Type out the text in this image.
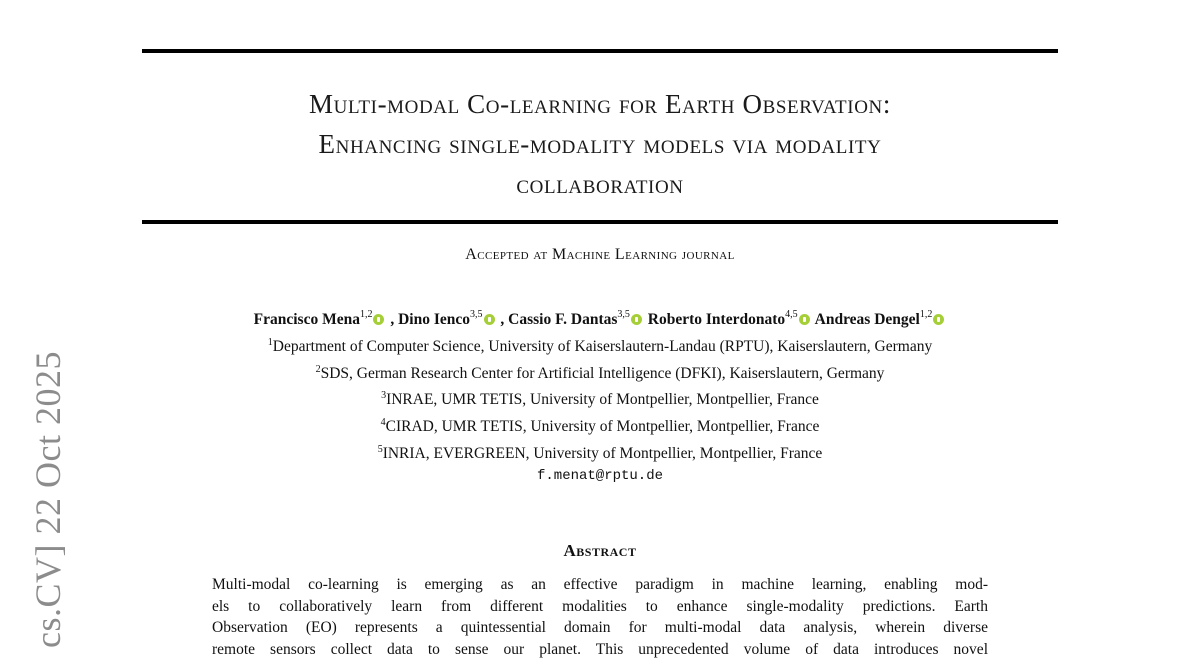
cs.CV] 22 Oct 2025
Multi-modal Co-learning for Earth Observation:
Enhancing single-modality models via modality
collaboration
Accepted at Machine Learning journal
Francisco Mena$^{1,2}$ , Dino Ienco$^{3,5}$ , Cassio F. Dantas$^{3,5}$ Roberto Interdonato$^{4,5}$ Andreas Dengel$^{1,2}$
$^1$Department of Computer Science, University of Kaiserslautern-Landau (RPTU), Kaiserslautern, Germany
$^2$SDS, German Research Center for Artificial Intelligence (DFKI), Kaiserslautern, Germany
$^3$INRAE, UMR TETIS, University of Montpellier, Montpellier, France
$^4$CIRAD, UMR TETIS, University of Montpellier, Montpellier, France
$^5$INRIA, EVERGREEN, University of Montpellier, Montpellier, France
f.menat@rptu.de
Abstract
Multi-modal co-learning is emerging as an effective paradigm in machine learning, enabling mod-
els to collaboratively learn from different modalities to enhance single-modality predictions. Earth
Observation (EO) represents a quintessential domain for multi-modal data analysis, wherein diverse
remote sensors collect data to sense our planet. This unprecedented volume of data introduces novel
